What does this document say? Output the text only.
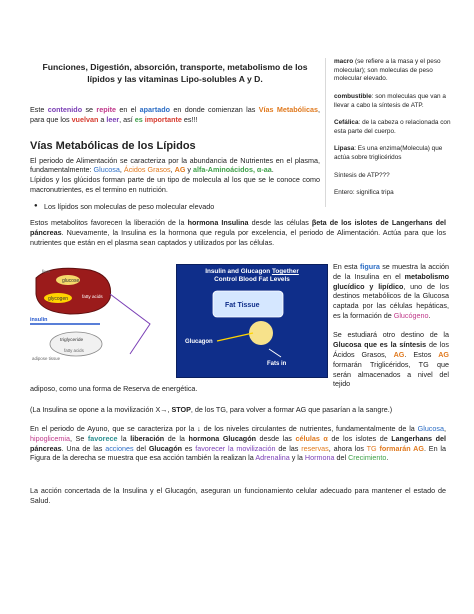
macro (se refiere a la masa y el peso molecular); son moleculas de peso molecular elevado.

combustible: son moleculas que van a llevar a cabo la síntesis de ATP.

Cefálica: de la cabeza o relacionada con esta parte del cuerpo.

Lipasa: Es una enzima(Molecula) que actúa sobre triglicéridos

Síntesis de ATP???

Entero: significa tripa

Funciones, Digestión, absorción, transporte, metabolismo de los lípidos y las vitaminas Lipo-solubles A y D.
Este contenido se repite en el apartado en donde comienzan las Vías Metabólicas, para que los vuelvan a leer, así es importante es!!!
Vías Metabólicas de los Lípidos
El periodo de Alimentación se caracteriza por la abundancia de Nutrientes en el plasma, fundamentalmente: Glucosa, Ácidos Grasos, AG y alfa-Aminoácidos, α-aa.
Lípidos y los glúcidos forman parte de un tipo de molecula al los que se le conoce como macronutrientes, es el termino en nutrición.
● Los lípidos son moleculas de peso molecular elevado
Estos metabolitos favorecen la liberación de la hormona Insulina desde las células βeta de los islotes de Langerhans del páncreas. Nuevamente, la Insulina es la hormona que regula por excelencia, el periodo de Alimentación. Actúa para que los nutrientes que están en el plasma sean captados y utilizados por las células.
glucose
glycogen	fatty acids
liver
insulin
triglyceride
fatty acids
adipose tissue
Insulin and Glucagon Together
Control Blood Fat Levels
Fat Tissue
Glucagon
Fats in
En esta figura se muestra la acción de la Insulina en el metabolismo glucídico y lipídico, uno de los destinos metabólicos de la Glucosa captada por las células hepáticas, es la formación de Glucógeno.

Se estudiará otro destino de la Glucosa que es la síntesis de los Ácidos Grasos, AG. Estos AG formarán Triglicéridos, TG que serán almacenados a nivel del tejido
adiposo, como una forma de Reserva de energética.
(La Insulina se opone a la movilización X→, STOP, de los TG, para volver a formar AG que pasarían a la sangre.)
En el periodo de Ayuno, que se caracteriza por la ↓ de los niveles circulantes de nutrientes, fundamentalmente de la Glucosa, hipoglicemia, Se favorece la liberación de la hormona Glucagón desde las células α de los islotes de Langerhans del páncreas. Una de las acciones del Glucagón es favorecer la movilización de las reservas, ahora los TG formarán AG. En la Figura de la derecha se muestra que esa acción también la realizan la Adrenalina y la Hormona del Crecimiento.
La acción concertada de la Insulina y el Glucagón, aseguran un funcionamiento celular adecuado para mantener el estado de Salud.
